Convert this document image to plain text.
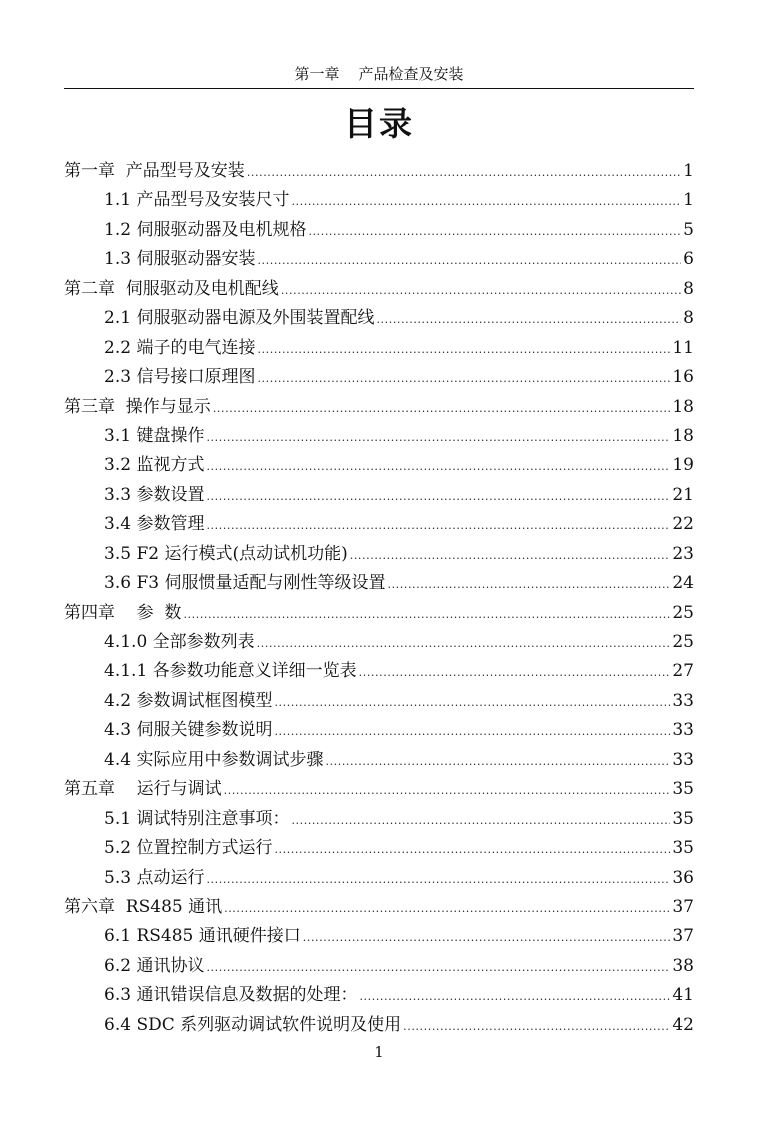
第一章    产品检查及安装
目录
第一章  产品型号及安装 .....	1
1.1 产品型号及安装尺寸 .....	1
1.2 伺服驱动器及电机规格 .....	5
1.3 伺服驱动器安装 .....	6
第二章  伺服驱动及电机配线 .....	8
2.1 伺服驱动器电源及外围装置配线 .....	8
2.2 端子的电气连接 .....	11
2.3 信号接口原理图 .....	16
第三章  操作与显示 .....	18
3.1 键盘操作 .....	18
3.2 监视方式 .....	19
3.3 参数设置 .....	21
3.4 参数管理 .....	22
3.5 F2 运行模式(点动试机功能) .....	23
3.6 F3 伺服惯量适配与刚性等级设置 .....	24
第四章    参  数 .....	25
4.1.0 全部参数列表 .....	25
4.1.1 各参数功能意义详细一览表 .....	27
4.2 参数调试框图模型 .....	33
4.3 伺服关键参数说明 .....	33
4.4 实际应用中参数调试步骤 .....	33
第五章    运行与调试 .....	35
5.1 调试特别注意事项： .....	35
5.2 位置控制方式运行 .....	35
5.3 点动运行 .....	36
第六章  RS485 通讯 .....	37
6.1 RS485 通讯硬件接口 .....	37
6.2 通讯协议 .....	38
6.3 通讯错误信息及数据的处理： .....	41
6.4 SDC 系列驱动调试软件说明及使用 .....	42
1
